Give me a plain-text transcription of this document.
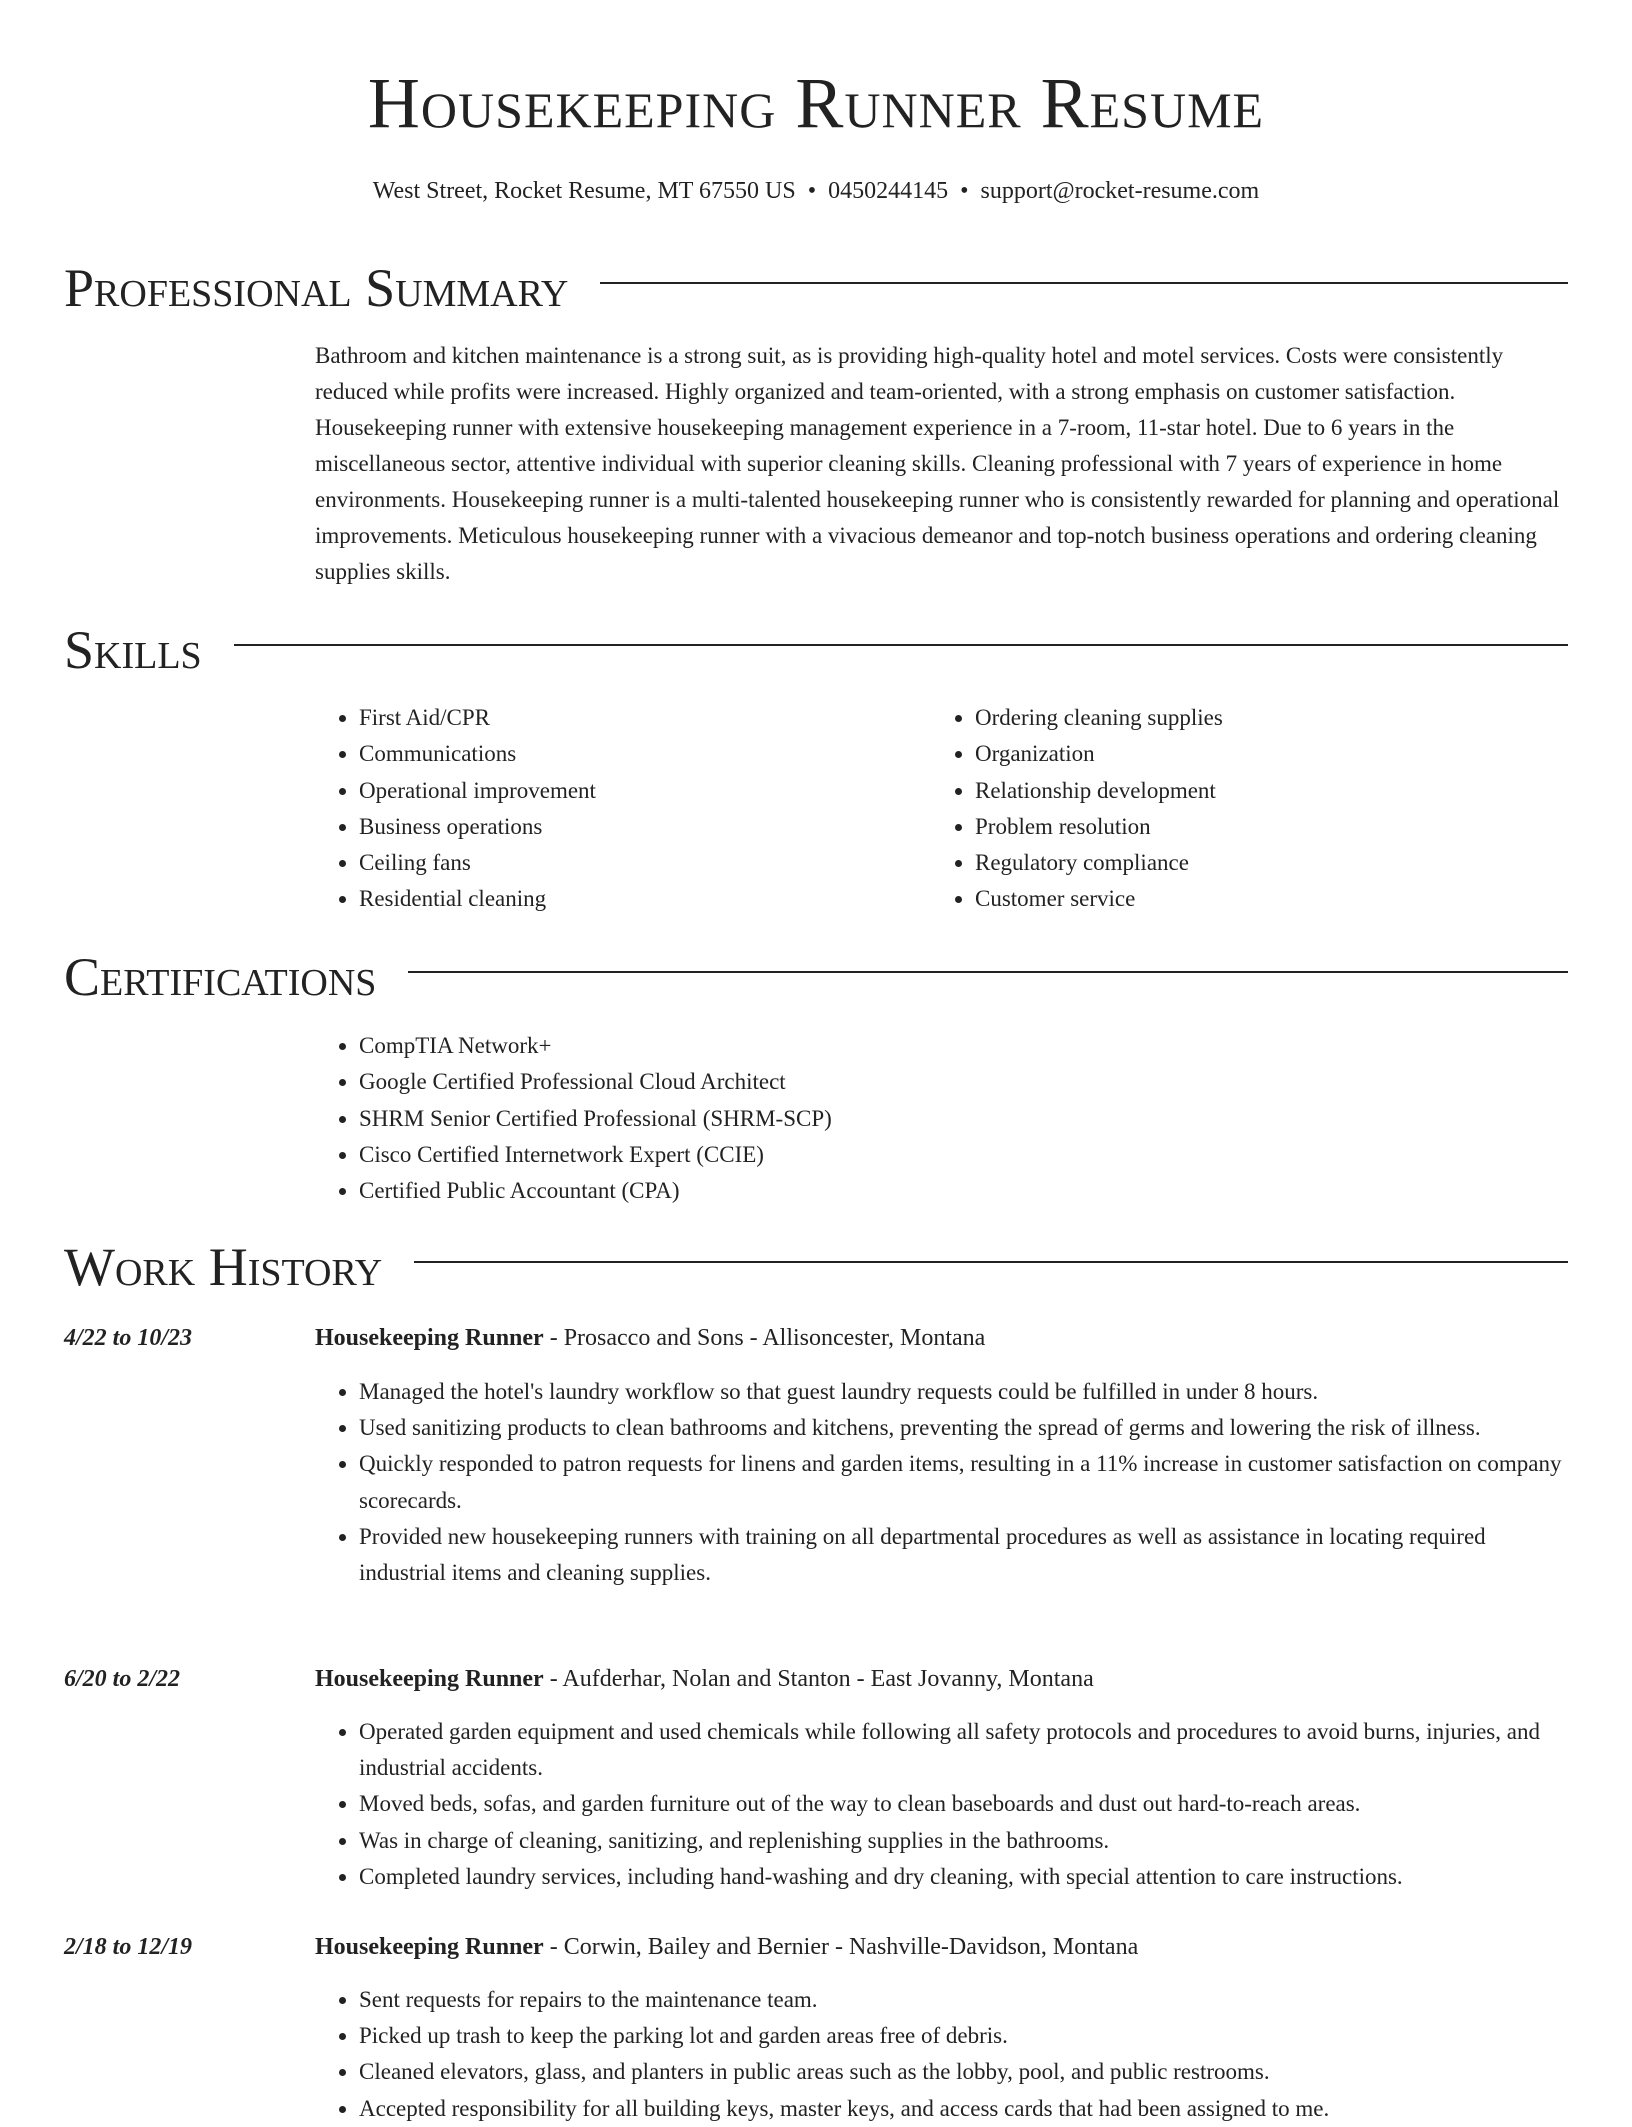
Housekeeping Runner Resume
West Street, Rocket Resume, MT 67550 US • 0450244145 • support@rocket-resume.com
Professional Summary

Bathroom and kitchen maintenance is a strong suit, as is providing high-quality hotel and motel services. Costs were consistently reduced while profits were increased. Highly organized and team-oriented, with a strong emphasis on customer satisfaction. Housekeeping runner with extensive housekeeping management experience in a 7-room, 11-star hotel. Due to 6 years in the miscellaneous sector, attentive individual with superior cleaning skills. Cleaning professional with 7 years of experience in home environments. Housekeeping runner is a multi-talented housekeeping runner who is consistently rewarded for planning and operational improvements. Meticulous housekeeping runner with a vivacious demeanor and top-notch business operations and ordering cleaning supplies skills.

Skills
• First Aid/CPR
• Communications
• Operational improvement
• Business operations
• Ceiling fans
• Residential cleaning
• Ordering cleaning supplies
• Organization
• Relationship development
• Problem resolution
• Regulatory compliance
• Customer service
Certifications
• CompTIA Network+
• Google Certified Professional Cloud Architect
• SHRM Senior Certified Professional (SHRM-SCP)
• Cisco Certified Internetwork Expert (CCIE)
• Certified Public Accountant (CPA)
Work History
4/22 to 10/23	Housekeeping Runner - Prosacco and Sons - Allisoncester, Montana
• Managed the hotel's laundry workflow so that guest laundry requests could be fulfilled in under 8 hours.
• Used sanitizing products to clean bathrooms and kitchens, preventing the spread of germs and lowering the risk of illness.
• Quickly responded to patron requests for linens and garden items, resulting in a 11% increase in customer satisfaction on company scorecards.
• Provided new housekeeping runners with training on all departmental procedures as well as assistance in locating required industrial items and cleaning supplies.
6/20 to 2/22	Housekeeping Runner - Aufderhar, Nolan and Stanton - East Jovanny, Montana
• Operated garden equipment and used chemicals while following all safety protocols and procedures to avoid burns, injuries, and industrial accidents.
• Moved beds, sofas, and garden furniture out of the way to clean baseboards and dust out hard-to-reach areas.
• Was in charge of cleaning, sanitizing, and replenishing supplies in the bathrooms.
• Completed laundry services, including hand-washing and dry cleaning, with special attention to care instructions.
2/18 to 12/19	Housekeeping Runner - Corwin, Bailey and Bernier - Nashville-Davidson, Montana
• Sent requests for repairs to the maintenance team.
• Picked up trash to keep the parking lot and garden areas free of debris.
• Cleaned elevators, glass, and planters in public areas such as the lobby, pool, and public restrooms.
• Accepted responsibility for all building keys, master keys, and access cards that had been assigned to me.
